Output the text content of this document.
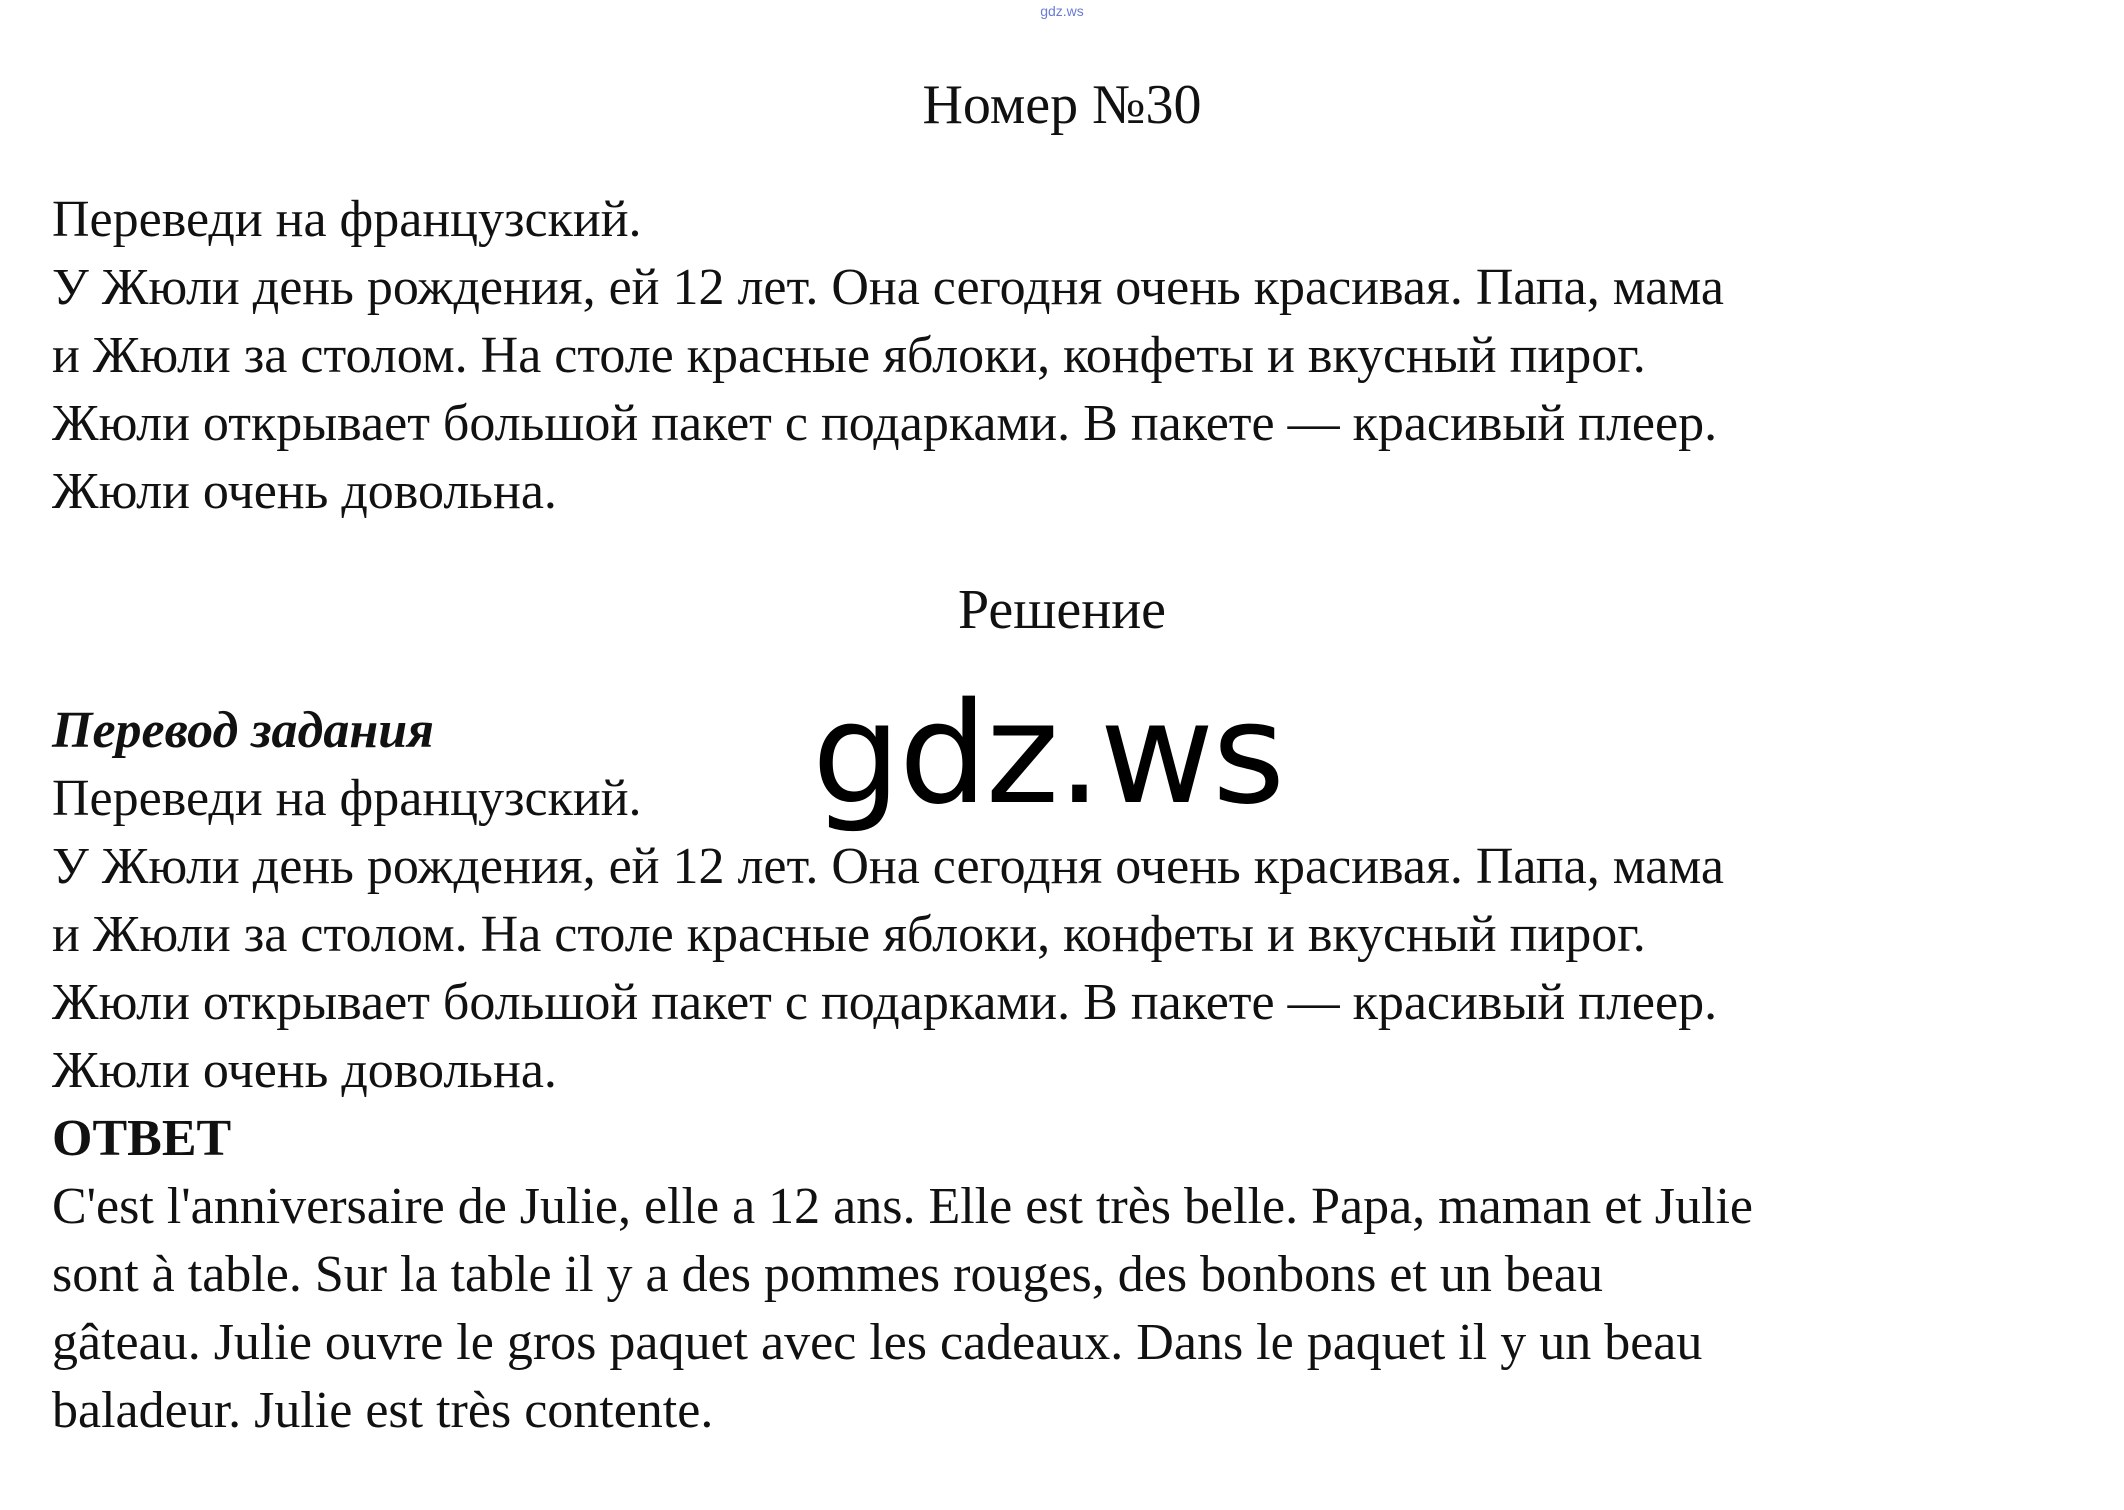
gdz.ws
Номер №30

Переведи на французский.

У Жюли день рождения, ей 12 лет. Она сегодня очень красивая. Папа, мама

и Жюли за столом. На столе красные яблоки, конфеты и вкусный пирог.

Жюли открывает большой пакет с подарками. В пакете — красивый плеер.

Жюли очень довольна.

Решение

Перевод задания

Переведи на французский.

У Жюли день рождения, ей 12 лет. Она сегодня очень красивая. Папа, мама

и Жюли за столом. На столе красные яблоки, конфеты и вкусный пирог.

Жюли открывает большой пакет с подарками. В пакете — красивый плеер.

Жюли очень довольна.

ОТВЕТ

C'est l'anniversaire de Julie, elle a 12 ans. Elle est très belle. Papa, maman et Julie

sont à table. Sur la table il y a des pommes rouges, des bonbons et un beau

gâteau. Julie ouvre le gros paquet avec les cadeaux. Dans le paquet il y un beau

baladeur. Julie est très contente.

gdz.ws
